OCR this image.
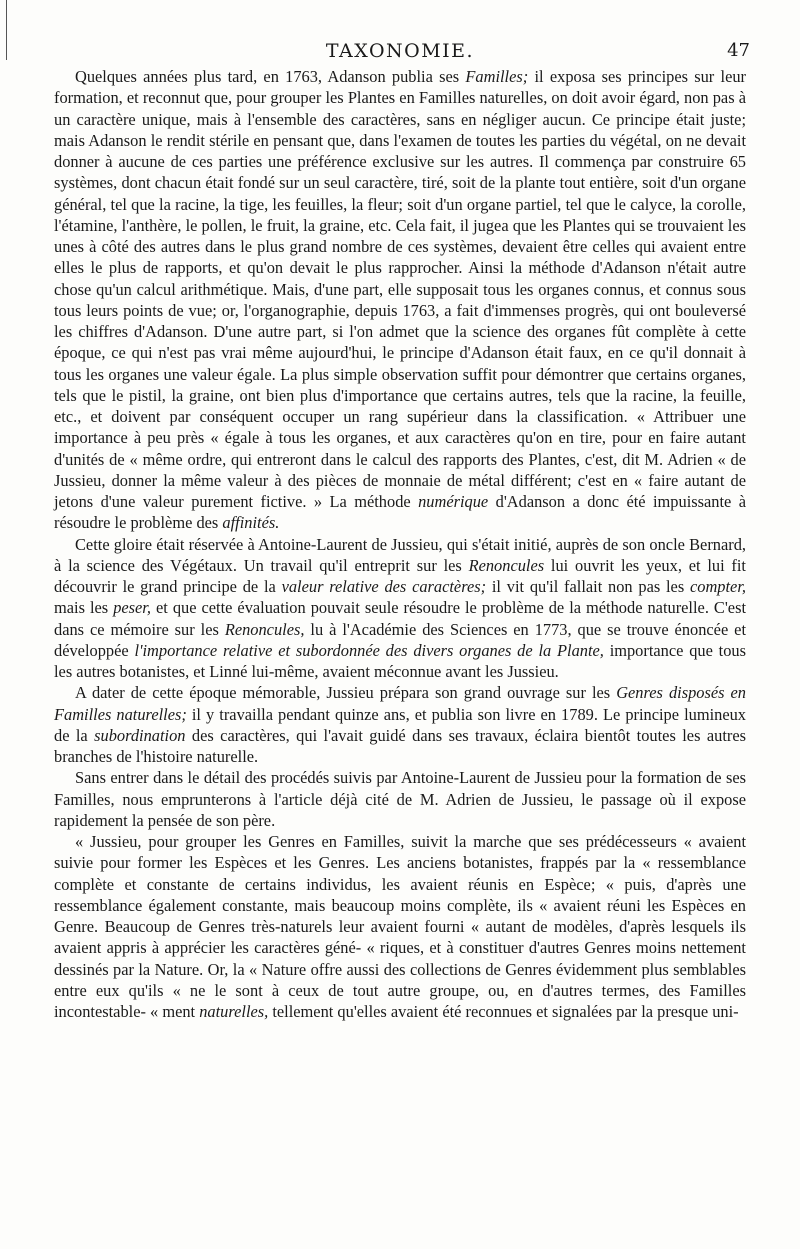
TAXONOMIE.	47

Quelques années plus tard, en 1763, Adanson publia ses Familles; il exposa ses principes sur leur formation, et reconnut que, pour grouper les Plantes en Familles naturelles, on doit avoir égard, non pas à un caractère unique, mais à l'ensemble des caractères, sans en négliger aucun. Ce principe était juste; mais Adanson le rendit stérile en pensant que, dans l'examen de toutes les parties du végétal, on ne devait donner à aucune de ces parties une préférence exclusive sur les autres. Il commença par construire 65 systèmes, dont chacun était fondé sur un seul caractère, tiré, soit de la plante tout entière, soit d'un organe général, tel que la racine, la tige, les feuilles, la fleur; soit d'un organe partiel, tel que le calyce, la corolle, l'étamine, l'anthère, le pollen, le fruit, la graine, etc. Cela fait, il jugea que les Plantes qui se trouvaient les unes à côté des autres dans le plus grand nombre de ces systèmes, devaient être celles qui avaient entre elles le plus de rapports, et qu'on devait le plus rapprocher. Ainsi la méthode d'Adanson n'était autre chose qu'un calcul arithmétique. Mais, d'une part, elle supposait tous les organes connus, et connus sous tous leurs points de vue; or, l'organographie, depuis 1763, a fait d'immenses progrès, qui ont bouleversé les chiffres d'Adanson. D'une autre part, si l'on admet que la science des organes fût complète à cette époque, ce qui n'est pas vrai même aujourd'hui, le principe d'Adanson était faux, en ce qu'il donnait à tous les organes une valeur égale. La plus simple observation suffit pour démontrer que certains organes, tels que le pistil, la graine, ont bien plus d'importance que certains autres, tels que la racine, la feuille, etc., et doivent par conséquent occuper un rang supérieur dans la classification. « Attribuer une importance à peu près « égale à tous les organes, et aux caractères qu'on en tire, pour en faire autant d'unités de « même ordre, qui entreront dans le calcul des rapports des Plantes, c'est, dit M. Adrien « de Jussieu, donner la même valeur à des pièces de monnaie de métal différent; c'est en « faire autant de jetons d'une valeur purement fictive. » La méthode numérique d'Adanson a donc été impuissante à résoudre le problème des affinités.

Cette gloire était réservée à Antoine-Laurent de Jussieu, qui s'était initié, auprès de son oncle Bernard, à la science des Végétaux. Un travail qu'il entreprit sur les Renoncules lui ouvrit les yeux, et lui fit découvrir le grand principe de la valeur relative des caractères; il vit qu'il fallait non pas les compter, mais les peser, et que cette évaluation pouvait seule résoudre le problème de la méthode naturelle. C'est dans ce mémoire sur les Renoncules, lu à l'Académie des Sciences en 1773, que se trouve énoncée et développée l'importance relative et subordonnée des divers organes de la Plante, importance que tous les autres botanistes, et Linné lui-même, avaient méconnue avant les Jussieu.

A dater de cette époque mémorable, Jussieu prépara son grand ouvrage sur les Genres disposés en Familles naturelles; il y travailla pendant quinze ans, et publia son livre en 1789. Le principe lumineux de la subordination des caractères, qui l'avait guidé dans ses travaux, éclaira bientôt toutes les autres branches de l'histoire naturelle.

Sans entrer dans le détail des procédés suivis par Antoine-Laurent de Jussieu pour la formation de ses Familles, nous emprunterons à l'article déjà cité de M. Adrien de Jussieu, le passage où il expose rapidement la pensée de son père.

« Jussieu, pour grouper les Genres en Familles, suivit la marche que ses prédécesseurs « avaient suivie pour former les Espèces et les Genres. Les anciens botanistes, frappés par la « ressemblance complète et constante de certains individus, les avaient réunis en Espèce; « puis, d'après une ressemblance également constante, mais beaucoup moins complète, ils « avaient réuni les Espèces en Genre. Beaucoup de Genres très-naturels leur avaient fourni « autant de modèles, d'après lesquels ils avaient appris à apprécier les caractères géné- « riques, et à constituer d'autres Genres moins nettement dessinés par la Nature. Or, la « Nature offre aussi des collections de Genres évidemment plus semblables entre eux qu'ils « ne le sont à ceux de tout autre groupe, ou, en d'autres termes, des Familles incontestable- « ment naturelles, tellement qu'elles avaient été reconnues et signalées par la presque uni-
